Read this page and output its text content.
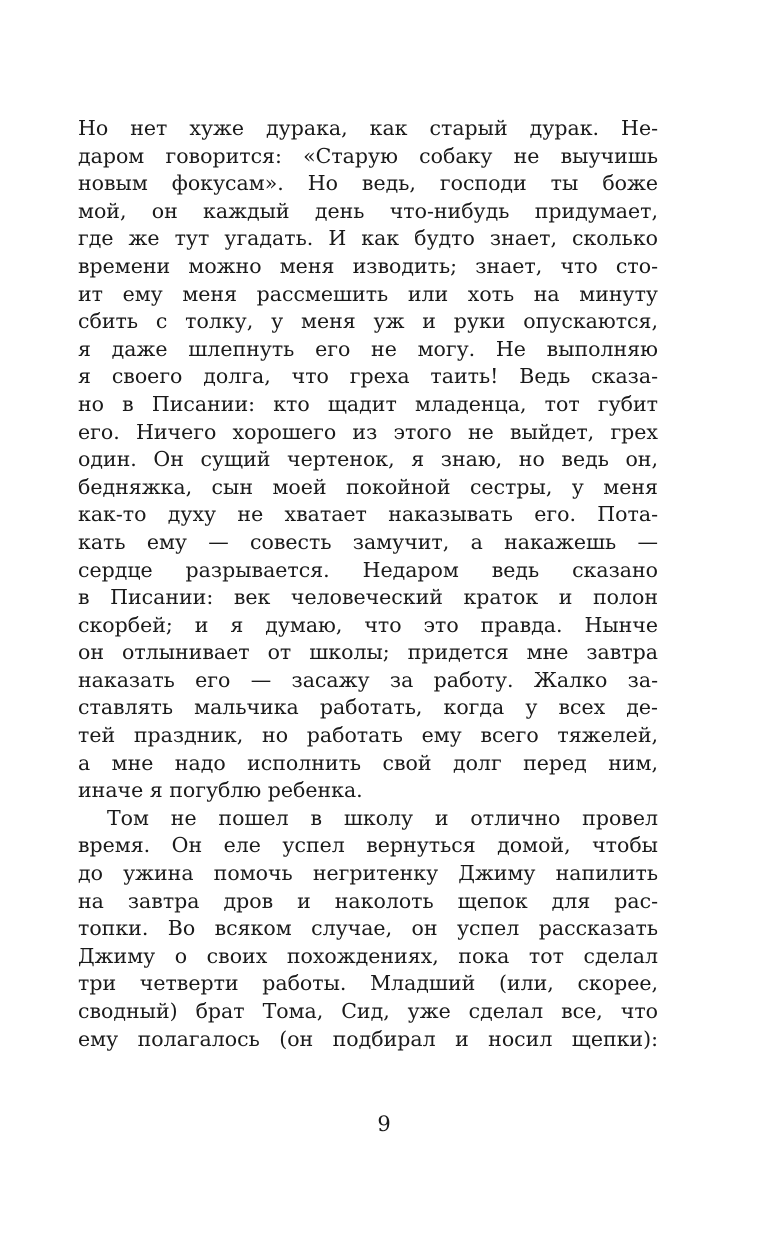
Но нет хуже дурака, как старый дурак. Не-
даром говорится: «Старую собаку не выучишь
новым фокусам». Но ведь, господи ты боже
мой, он каждый день что-нибудь придумает,
где же тут угадать. И как будто знает, сколько
времени можно меня изводить; знает, что сто-
ит ему меня рассмешить или хоть на минуту
сбить с толку, у меня уж и руки опускаются,
я даже шлепнуть его не могу. Не выполняю
я своего долга, что греха таить! Ведь сказа-
но в Писании: кто щадит младенца, тот губит
его. Ничего хорошего из этого не выйдет, грех
один. Он сущий чертенок, я знаю, но ведь он,
бедняжка, сын моей покойной сестры, у меня
как-то духу не хватает наказывать его. Пота-
кать ему — совесть замучит, а накажешь —
сердце разрывается. Недаром ведь сказано
в Писании: век человеческий краток и полон
скорбей; и я думаю, что это правда. Нынче
он отлынивает от школы; придется мне завтра
наказать его — засажу за работу. Жалко за-
ставлять мальчика работать, когда у всех де-
тей праздник, но работать ему всего тяжелей,
а мне надо исполнить свой долг перед ним,
иначе я погублю ребенка.
Том не пошел в школу и отлично провел
время. Он еле успел вернуться домой, чтобы
до ужина помочь негритенку Джиму напилить
на завтра дров и наколоть щепок для рас-
топки. Во всяком случае, он успел рассказать
Джиму о своих похождениях, пока тот сделал
три четверти работы. Младший (или, скорее,
сводный) брат Тома, Сид, уже сделал все, что
ему полагалось (он подбирал и носил щепки):
9
